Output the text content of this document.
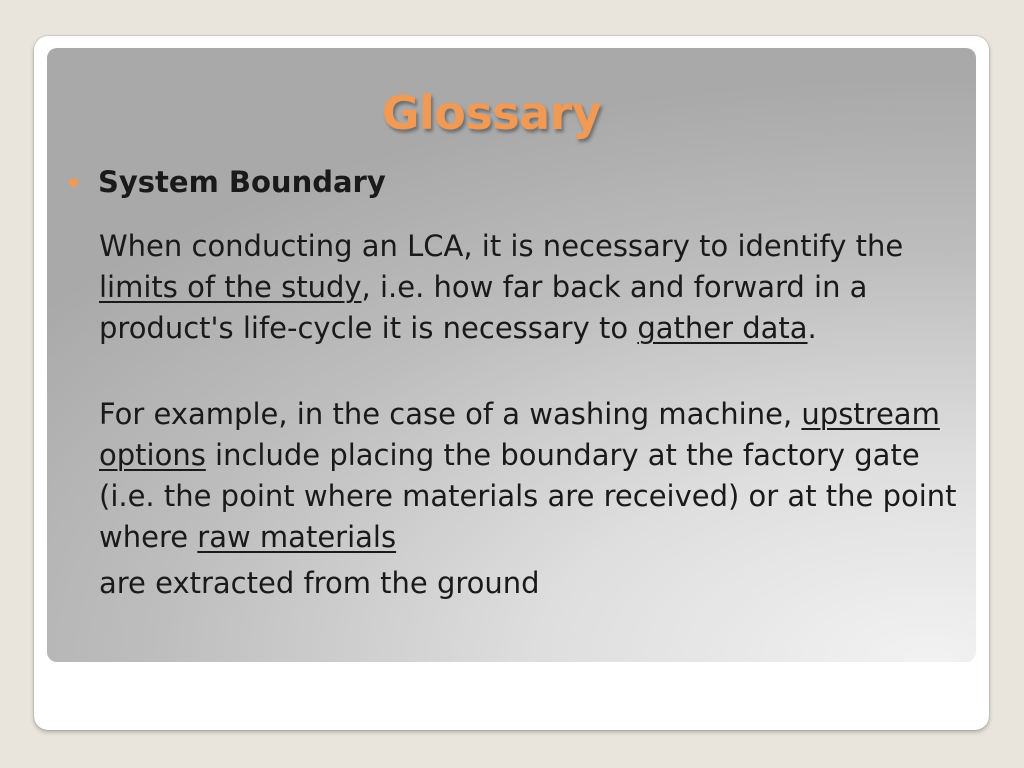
Glossary
System Boundary

When conducting an LCA, it is necessary to identify the limits of the study, i.e. how far back and forward in a product's life-cycle it is necessary to gather data.

For example, in the case of a washing machine, upstream options include placing the boundary at the factory gate (i.e. the point where materials are received) or at the point where raw materials
are extracted from the ground
